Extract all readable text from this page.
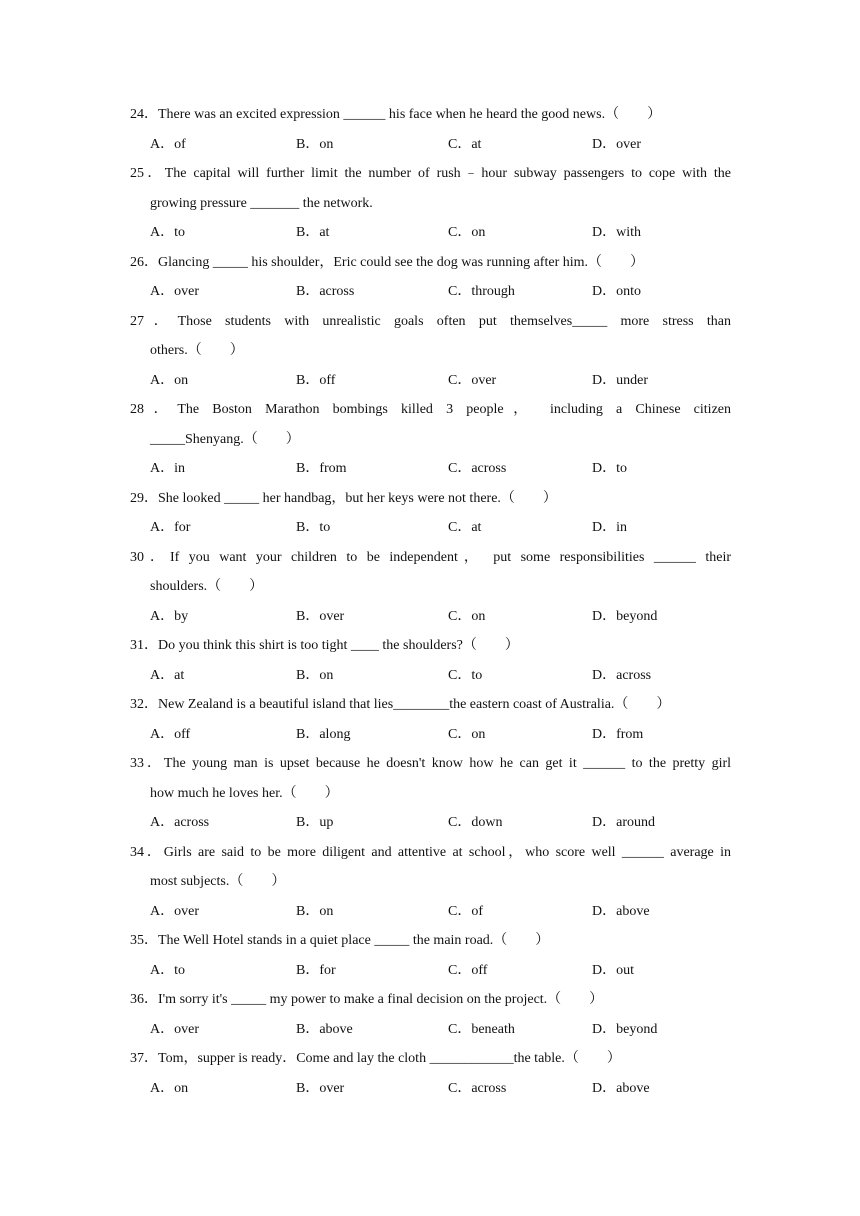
24．There was an excited expression ______ his face when he heard the good news.（　　）
A．of	B．on	C．at	D．over
25．The capital will further limit the number of rush﹣hour subway passengers to cope with the
growing pressure _______ the network.
A．to	B．at	C．on	D．with
26．Glancing _____ his shoulder，Eric could see the dog was running after him.（　　）
A．over	B．across	C．through	D．onto
27．Those students with unrealistic goals often put themselves_____ more stress than
others.（　　）
A．on	B．off	C．over	D．under
28．The Boston Marathon bombings killed 3 people， including a Chinese citizen
_____Shenyang.（　　）
A．in	B．from	C．across	D．to
29．She looked _____ her handbag，but her keys were not there.（　　）
A．for	B．to	C．at	D．in
30．If you want your children to be independent， put some responsibilities ______ their
shoulders.（　　）
A．by	B．over	C．on	D．beyond
31．Do you think this shirt is too tight ____ the shoulders?（　　）
A．at	B．on	C．to	D．across
32．New Zealand is a beautiful island that lies________the eastern coast of Australia.（　　）
A．off	B．along	C．on	D．from
33．The young man is upset because he doesn't know how he can get it ______ to the pretty girl
how much he loves her.（　　）
A．across	B．up	C．down	D．around
34．Girls are said to be more diligent and attentive at school，who score well ______ average in
most subjects.（　　）
A．over	B．on	C．of	D．above
35．The Well Hotel stands in a quiet place _____ the main road.（　　）
A．to	B．for	C．off	D．out
36．I'm sorry it's _____ my power to make a final decision on the project.（　　）
A．over	B．above	C．beneath	D．beyond
37．Tom，supper is ready．Come and lay the cloth ____________the table.（　　）
A．on	B．over	C．across	D．above
